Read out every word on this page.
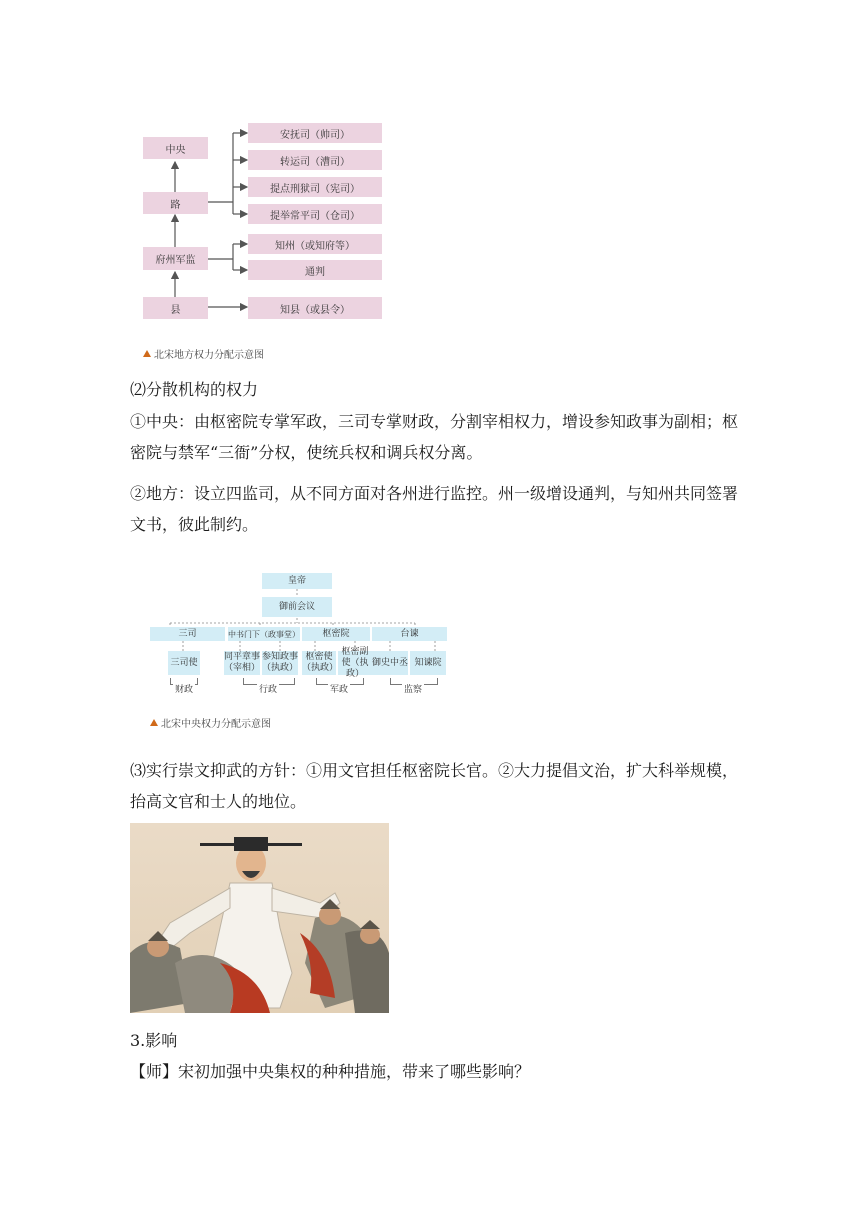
中央
路
府州军监
县
安抚司（帅司）
转运司（漕司）
提点刑狱司（宪司）
提举常平司（仓司）
知州（或知府等）
通判
知县（或县令）
北宋地方权力分配示意图

⑵分散机构的权力

①中央：由枢密院专掌军政，三司专掌财政，分割宰相权力，增设参知政事为副相；枢密院与禁军“三衙”分权，使统兵权和调兵权分离。

②地方：设立四监司，从不同方面对各州进行监控。州一级增设通判，与知州共同签署文书，彼此制约。

皇帝
御前会议
三司	中书门下（政事堂）	枢密院	台谏
三司使
同平章事（宰相）
参知政事（执政）
枢密使（执政）
枢密副使（执政）
御史中丞 知谏院
财政	行政	军政	监察
北宋中央权力分配示意图

⑶实行崇文抑武的方针：①用文官担任枢密院长官。②大力提倡文治，扩大科举规模，抬高文官和士人的地位。

3.影响

【师】宋初加强中央集权的种种措施，带来了哪些影响？
